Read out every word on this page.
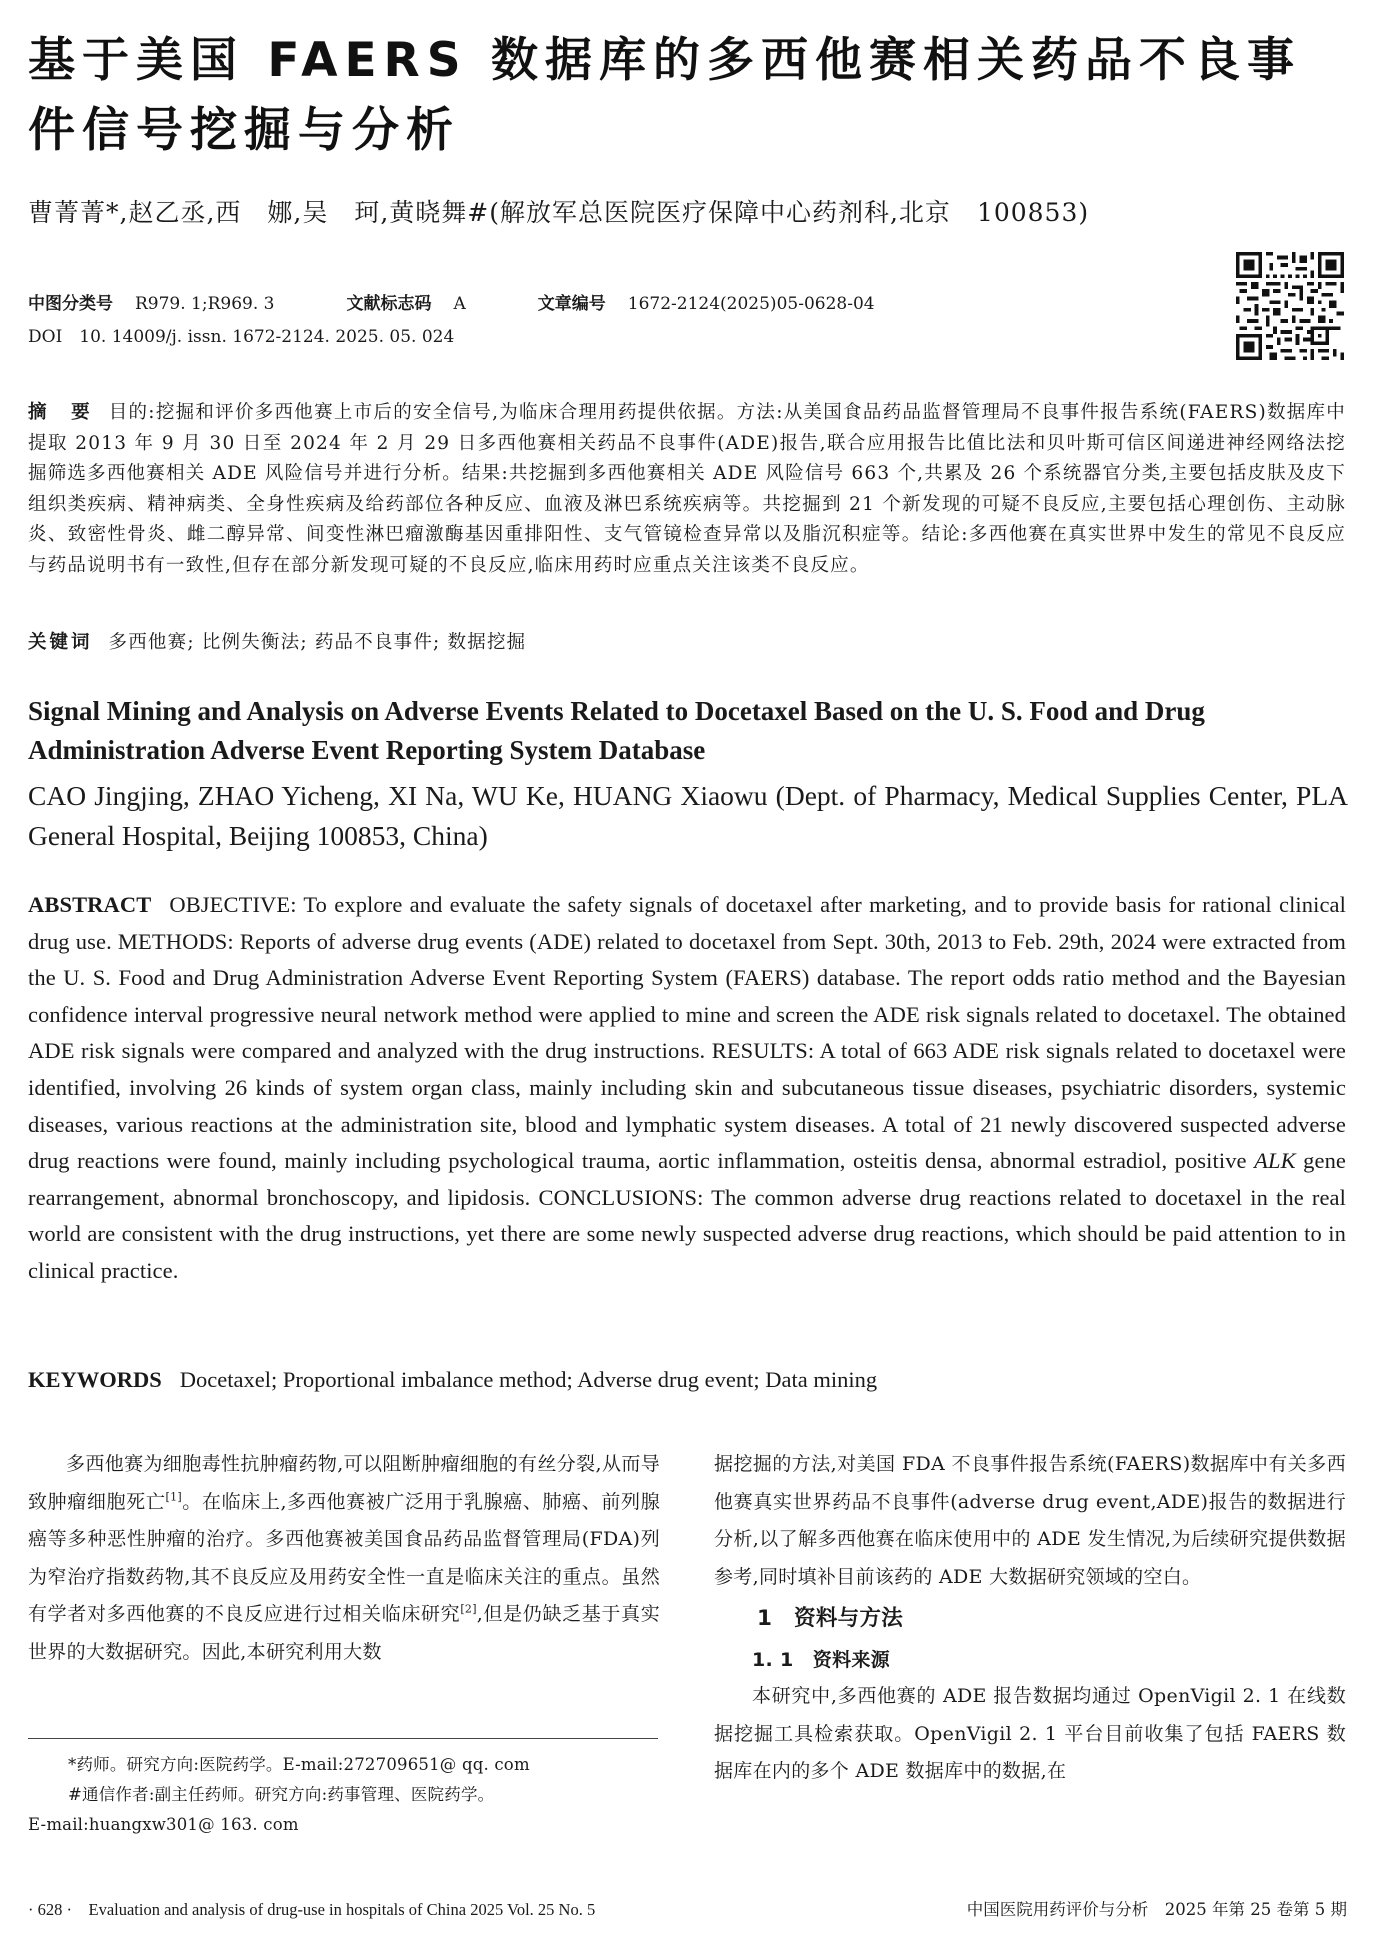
基于美国 FAERS 数据库的多西他赛相关药品不良事件信号挖掘与分析
曹菁菁*,赵乙丞,西　娜,吴　珂,黄晓舞#(解放军总医院医疗保障中心药剂科,北京　100853)
中图分类号 R979. 1;R969. 3	文献标志码 A	文章编号 1672-2124(2025)05-0628-04
DOI　10. 14009/j. issn. 1672-2124. 2025. 05. 024
摘　要 目的:挖掘和评价多西他赛上市后的安全信号,为临床合理用药提供依据。方法:从美国食品药品监督管理局不良事件报告系统(FAERS)数据库中提取 2013 年 9 月 30 日至 2024 年 2 月 29 日多西他赛相关药品不良事件(ADE)报告,联合应用报告比值比法和贝叶斯可信区间递进神经网络法挖掘筛选多西他赛相关 ADE 风险信号并进行分析。结果:共挖掘到多西他赛相关 ADE 风险信号 663 个,共累及 26 个系统器官分类,主要包括皮肤及皮下组织类疾病、精神病类、全身性疾病及给药部位各种反应、血液及淋巴系统疾病等。共挖掘到 21 个新发现的可疑不良反应,主要包括心理创伤、主动脉炎、致密性骨炎、雌二醇异常、间变性淋巴瘤激酶基因重排阳性、支气管镜检查异常以及脂沉积症等。结论:多西他赛在真实世界中发生的常见不良反应与药品说明书有一致性,但存在部分新发现可疑的不良反应,临床用药时应重点关注该类不良反应。
关键词 多西他赛; 比例失衡法; 药品不良事件; 数据挖掘
Signal Mining and Analysis on Adverse Events Related to Docetaxel Based on the U. S. Food and Drug Administration Adverse Event Reporting System Database
CAO Jingjing, ZHAO Yicheng, XI Na, WU Ke, HUANG Xiaowu (Dept. of Pharmacy, Medical Supplies Center, PLA General Hospital, Beijing 100853, China)
ABSTRACT OBJECTIVE: To explore and evaluate the safety signals of docetaxel after marketing, and to provide basis for rational clinical drug use. METHODS: Reports of adverse drug events (ADE) related to docetaxel from Sept. 30th, 2013 to Feb. 29th, 2024 were extracted from the U. S. Food and Drug Administration Adverse Event Reporting System (FAERS) database. The report odds ratio method and the Bayesian confidence interval progressive neural network method were applied to mine and screen the ADE risk signals related to docetaxel. The obtained ADE risk signals were compared and analyzed with the drug instructions. RESULTS: A total of 663 ADE risk signals related to docetaxel were identified, involving 26 kinds of system organ class, mainly including skin and subcutaneous tissue diseases, psychiatric disorders, systemic diseases, various reactions at the administration site, blood and lymphatic system diseases. A total of 21 newly discovered suspected adverse drug reactions were found, mainly including psychological trauma, aortic inflammation, osteitis densa, abnormal estradiol, positive ALK gene rearrangement, abnormal bronchoscopy, and lipidosis. CONCLUSIONS: The common adverse drug reactions related to docetaxel in the real world are consistent with the drug instructions, yet there are some newly suspected adverse drug reactions, which should be paid attention to in clinical practice.
KEYWORDS Docetaxel; Proportional imbalance method; Adverse drug event; Data mining

多西他赛为细胞毒性抗肿瘤药物,可以阻断肿瘤细胞的有丝分裂,从而导致肿瘤细胞死亡[1]。在临床上,多西他赛被广泛用于乳腺癌、肺癌、前列腺癌等多种恶性肿瘤的治疗。多西他赛被美国食品药品监督管理局(FDA)列为窄治疗指数药物,其不良反应及用药安全性一直是临床关注的重点。虽然有学者对多西他赛的不良反应进行过相关临床研究[2],但是仍缺乏基于真实世界的大数据研究。因此,本研究利用大数

据挖掘的方法,对美国 FDA 不良事件报告系统(FAERS)数据库中有关多西他赛真实世界药品不良事件(adverse drug event,ADE)报告的数据进行分析,以了解多西他赛在临床使用中的 ADE 发生情况,为后续研究提供数据参考,同时填补目前该药的 ADE 大数据研究领域的空白。

1　资料与方法

1. 1　资料来源

本研究中,多西他赛的 ADE 报告数据均通过 OpenVigil 2. 1 在线数据挖掘工具检索获取。OpenVigil 2. 1 平台目前收集了包括 FAERS 数据库在内的多个 ADE 数据库中的数据,在

*药师。研究方向:医院药学。E-mail:272709651@ qq. com

#通信作者:副主任药师。研究方向:药事管理、医院药学。

E-mail:huangxw301@ 163. com

· 628 ·　Evaluation and analysis of drug-use in hospitals of China 2025 Vol. 25 No. 5	中国医院用药评价与分析　2025 年第 25 卷第 5 期
